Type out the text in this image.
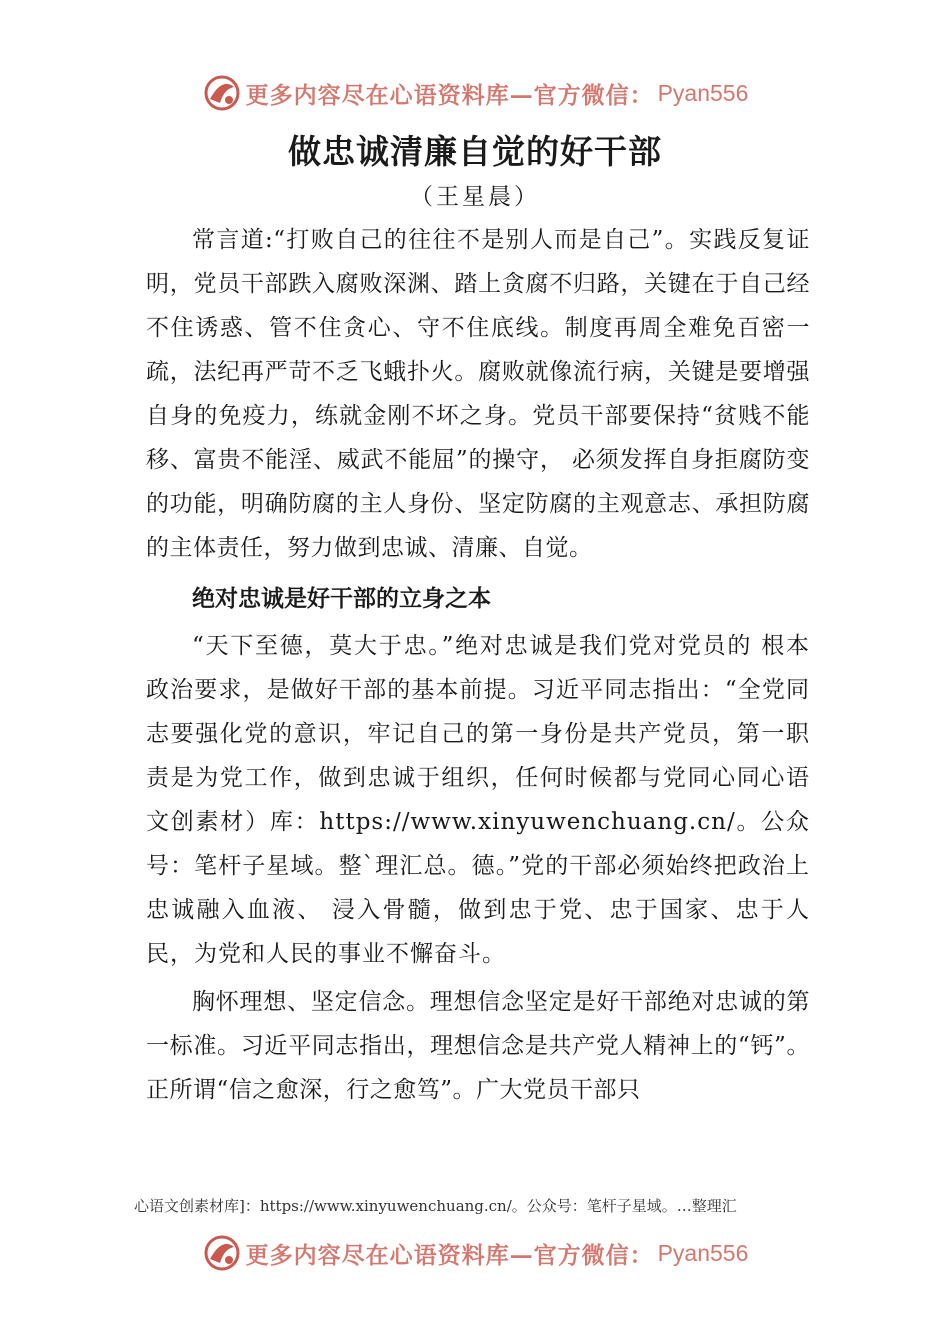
更多内容尽在心语资料库—官方微信： Pyan556
做忠诚清廉自觉的好干部
（王星晨）

常言道:“打败自己的往往不是别人而是自己”。实践反复证明，党员干部跌入腐败深渊、踏上贪腐不归路，关键在于自己经不住诱惑、管不住贪心、守不住底线。制度再周全难免百密一疏，法纪再严苛不乏飞蛾扑火。腐败就像流行病，关键是要增强自身的免疫力，练就金刚不坏之身。党员干部要保持“贫贱不能移、富贵不能淫、威武不能屈”的操守， 必须发挥自身拒腐防变的功能，明确防腐的主人身份、坚定防腐的主观意志、承担防腐的主体责任，努力做到忠诚、清廉、自觉。

绝对忠诚是好干部的立身之本

“天下至德，莫大于忠。”绝对忠诚是我们党对党员的 根本政治要求，是做好干部的基本前提。习近平同志指出：“全党同志要强化党的意识，牢记自己的第一身份是共产党员，第一职责是为党工作，做到忠诚于组织，任何时候都与党同心同心语文创素材）库：https://www.xinyuwenchuang.cn/。公众号：笔杆子星域。整`理汇总。德。”党的干部必须始终把政治上忠诚融入血液、 浸入骨髓，做到忠于党、忠于国家、忠于人民，为党和人民的事业不懈奋斗。

胸怀理想、坚定信念。理想信念坚定是好干部绝对忠诚的第一标准。习近平同志指出，理想信念是共产党人精神上的“钙”。正所谓“信之愈深，行之愈笃”。广大党员干部只

心语文创素材库]：https://www.xinyuwenchuang.cn/。公众号：笔杆子星域。…整理汇
更多内容尽在心语资料库—官方微信： Pyan556
